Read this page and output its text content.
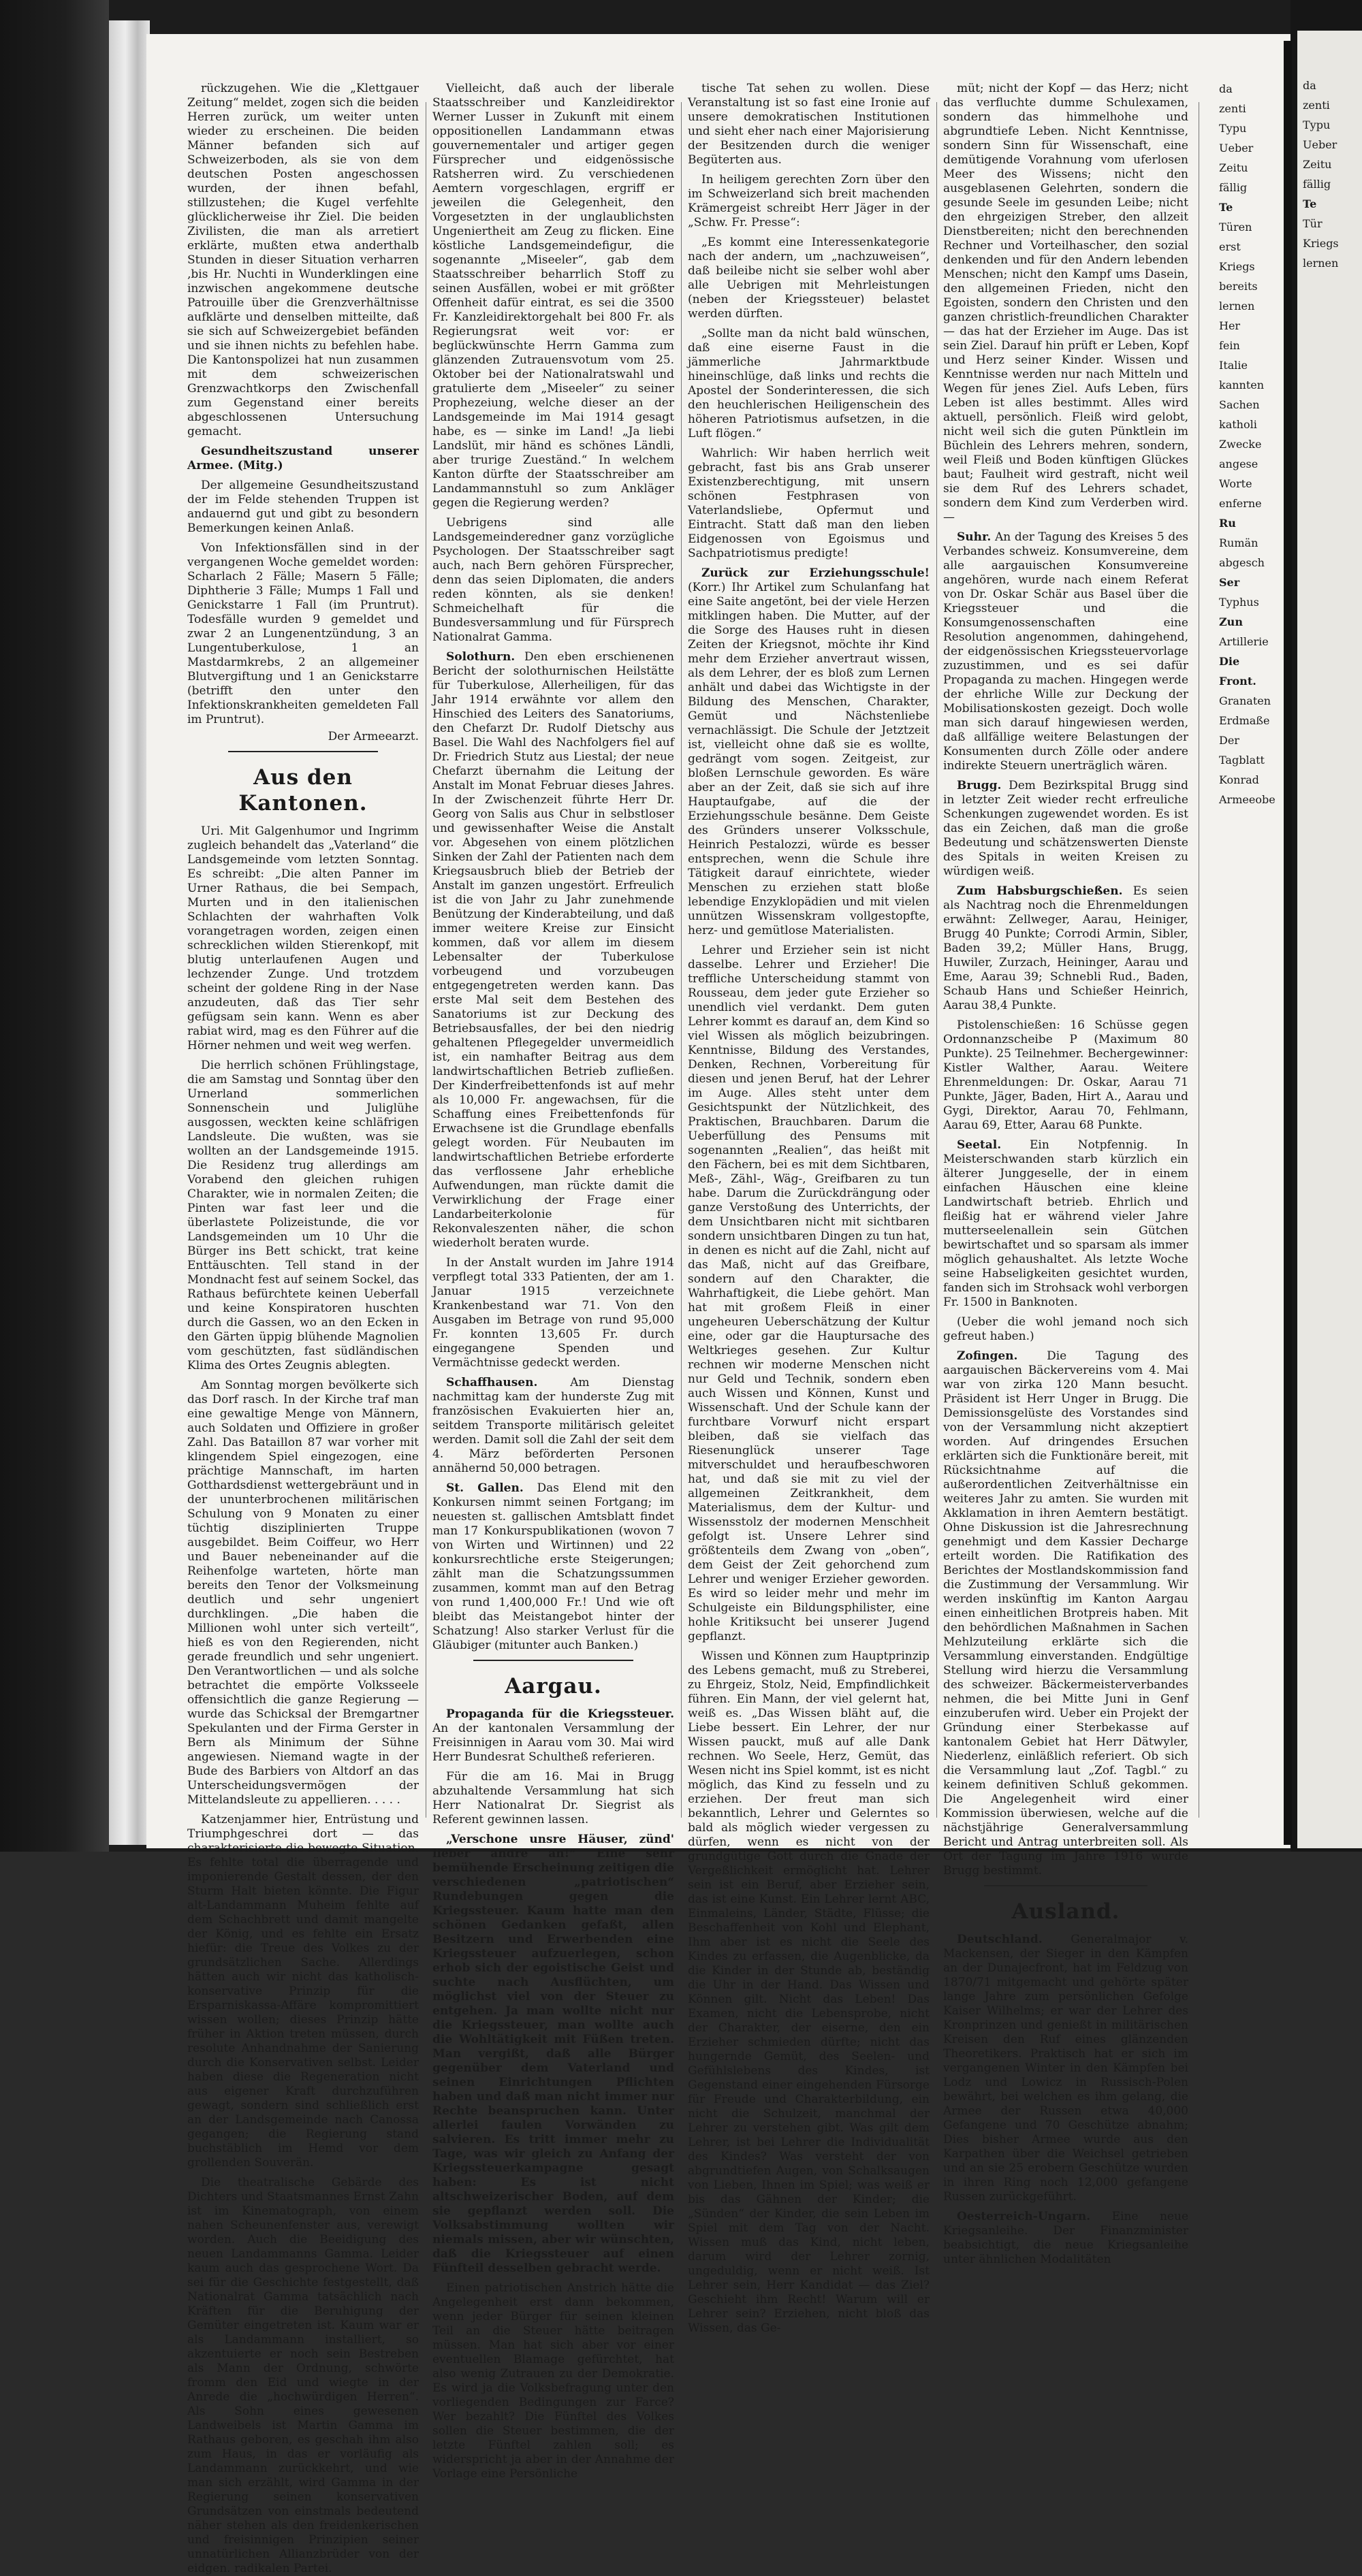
rückzugehen. Wie die „Klettgauer Zeitung“ meldet, zogen sich die beiden Herren zurück, um weiter unten wieder zu erscheinen. Die beiden Männer befanden sich auf Schweizerboden, als sie von dem deutschen Posten angeschossen wurden, der ihnen befahl, stillzustehen; die Kugel verfehlte glücklicherweise ihr Ziel. Die beiden Zivilisten, die man als arretiert erklärte, mußten etwa anderthalb Stunden in dieser Situation verharren ‚bis Hr. Nuchti in Wunderklingen eine inzwischen angekommene deutsche Patrouille über die Grenzverhältnisse aufklärte und denselben mitteilte, daß sie sich auf Schweizergebiet befänden und sie ihnen nichts zu befehlen habe. Die Kantonspolizei hat nun zusammen mit dem schweizerischen Grenzwachtkorps den Zwischenfall zum Gegenstand einer bereits abgeschlossenen Untersuchung gemacht.

Gesundheitszustand unserer Armee. (Mitg.)

Der allgemeine Gesundheitszustand der im Felde stehenden Truppen ist andauernd gut und gibt zu besondern Bemerkungen keinen Anlaß.

Von Infektionsfällen sind in der vergangenen Woche gemeldet worden: Scharlach 2 Fälle; Masern 5 Fälle; Diphtherie 3 Fälle; Mumps 1 Fall und Genickstarre 1 Fall (im Pruntrut). Todesfälle wurden 9 gemeldet und zwar 2 an Lungenentzündung, 3 an Lungentuberkulose, 1 an Mastdarmkrebs, 2 an allgemeiner Blutvergiftung und 1 an Genickstarre (betrifft den unter den Infektionskrankheiten gemeldeten Fall im Pruntrut).

Der Armeearzt.

Aus den Kantonen.

Uri. Mit Galgenhumor und Ingrimm zugleich behandelt das „Vaterland“ die Landsgemeinde vom letzten Sonntag. Es schreibt: „Die alten Panner im Urner Rathaus, die bei Sempach, Murten und in den italienischen Schlachten der wahrhaften Volk vorangetragen worden, zeigen einen schrecklichen wilden Stierenkopf, mit blutig unterlaufenen Augen und lechzender Zunge. Und trotzdem scheint der goldene Ring in der Nase anzudeuten, daß das Tier sehr gefügsam sein kann. Wenn es aber rabiat wird, mag es den Führer auf die Hörner nehmen und weit weg werfen.

Die herrlich schönen Frühlingstage, die am Samstag und Sonntag über den Urnerland sommerlichen Sonnenschein und Juliglühe ausgossen, weckten keine schläfrigen Landsleute. Die wußten, was sie wollten an der Landsgemeinde 1915. Die Residenz trug allerdings am Vorabend den gleichen ruhigen Charakter, wie in normalen Zeiten; die Pinten war fast leer und die überlastete Polizeistunde, die vor Landsgemeinden um 10 Uhr die Bürger ins Bett schickt, trat keine Enttäuschten. Tell stand in der Mondnacht fest auf seinem Sockel, das Rathaus befürchtete keinen Ueberfall und keine Konspiratoren huschten durch die Gassen, wo an den Ecken in den Gärten üppig blühende Magnolien vom geschützten, fast südländischen Klima des Ortes Zeugnis ablegten.

Am Sonntag morgen bevölkerte sich das Dorf rasch. In der Kirche traf man eine gewaltige Menge von Männern, auch Soldaten und Offiziere in großer Zahl. Das Bataillon 87 war vorher mit klingendem Spiel eingezogen, eine prächtige Mannschaft, im harten Gotthardsdienst wettergebräunt und in der ununterbrochenen militärischen Schulung von 9 Monaten zu einer tüchtig disziplinierten Truppe ausgebildet. Beim Coiffeur, wo Herr und Bauer nebeneinander auf die Reihenfolge warteten, hörte man bereits den Tenor der Volksmeinung deutlich und sehr ungeniert durchklingen. „Die haben die Millionen wohl unter sich verteilt“, hieß es von den Regierenden, nicht gerade freundlich und sehr ungeniert. Den Verantwortlichen — und als solche betrachtet die empörte Volksseele offensichtlich die ganze Regierung — wurde das Schicksal der Bremgartner Spekulanten und der Firma Gerster in Bern als Minimum der Sühne angewiesen. Niemand wagte in der Bude des Barbiers von Altdorf an das Unterscheidungsvermögen der Mittelandsleute zu appellieren. . . . .

Katzenjammer hier, Entrüstung und Triumphgeschrei dort — das charakterisierte die bewegte Situation. Es fehlte total die überragende und imponierende Gestalt dessen, der den Sturm Halt bieten könnte. Die Figur alt-Landammann Muheim fehlte auf dem Schachbrett und damit mangelte der König, und es fehlte ein Ersatz hiefür: die Treue des Volkes zu der grundsätzlichen Sache. Allerdings hätten auch wir nicht das katholisch-konservative Prinzip für die Ersparniskassa-Affäre kompromittiert wissen wollen; dieses Prinzip hätte früher in Aktion treten müssen, durch resolute Anhandnahme der Sanierung durch die Konservativen selbst. Leider haben diese die Regeneration nicht aus eigener Kraft durchzuführen gewagt, sondern sind schließlich erst an der Landsgemeinde nach Canossa gegangen; die Regierung stand buchstäblich im Hemd vor dem grollenden Souverän.

Die theatralische Gebärde des Dichters und Staatsmannes Ernst Zahn ist im Kinematograph, von einem nahen Scheunenfenster aus, verewigt worden. Auch die Beeidigung des neuen Landammanns Gamma. Leider kaum auch das gesprochene Wort. Da sei für die Geschichte festgestellt, daß Nationalrat Gamma tatsächlich nach Kräften für die Beruhigung der Gemüter eingetreten ist. Kaum war er als Landammann installiert, so akzentuierte er noch sein Bestreben als Mann der Ordnung, schwörte fromm den Eid und wiegte in der Anrede die „hochwürdigen Herren“. Als Sohn eines gewesenen Landweibels ist Martin Gamma im Rathaus geboren, es geschah ihm also zum Haus, in das er vorläufig als Landammann zurückkehrt, und wie man sich erzählt, wird Gamma in der Regierung seinen konservativen Grundsätzen von einstmals bedeutend näher stehen als den freidenkerischen und freisinnigen Prinzipien seiner unnatürlichen Allianzbrüder von der eidgen. radikalen Partei.

Vielleicht, daß auch der liberale Staatsschreiber und Kanzleidirektor Werner Lusser in Zukunft mit einem oppositionellen Landammann etwas gouvernementaler und artiger gegen Fürsprecher und eidgenössische Ratsherren wird. Zu verschiedenen Aemtern vorgeschlagen, ergriff er jeweilen die Gelegenheit, den Vorgesetzten in der unglaublichsten Ungeniertheit am Zeug zu flicken. Eine köstliche Landsgemeindefigur, die sogenannte „Miseeler“, gab dem Staatsschreiber beharrlich Stoff zu seinen Ausfällen, wobei er mit größter Offenheit dafür eintrat, es sei die 3500 Fr. Kanzleidirektorgehalt bei 800 Fr. als Regierungsrat weit vor: er beglückwünschte Herrn Gamma zum glänzenden Zutrauensvotum vom 25. Oktober bei der Nationalratswahl und gratulierte dem „Miseeler“ zu seiner Prophezeiung, welche dieser an der Landsgemeinde im Mai 1914 gesagt habe, es — sinke im Land! „Ja liebi Landslüt, mir händ es schönes Ländli, aber trurige Zueständ.“ In welchem Kanton dürfte der Staatsschreiber am Landammannstuhl so zum Ankläger gegen die Regierung werden?

Uebrigens sind alle Landsgemeinderedner ganz vorzügliche Psychologen. Der Staatsschreiber sagt auch, nach Bern gehören Fürsprecher, denn das seien Diplomaten, die anders reden könnten, als sie denken! Schmeichelhaft für die Bundesversammlung und für Fürsprech Nationalrat Gamma.

Solothurn. Den eben erschienenen Bericht der solothurnischen Heilstätte für Tuberkulose, Allerheiligen, für das Jahr 1914 erwähnte vor allem den Hinschied des Leiters des Sanatoriums, den Chefarzt Dr. Rudolf Dietschy aus Basel. Die Wahl des Nachfolgers fiel auf Dr. Friedrich Stutz aus Liestal; der neue Chefarzt übernahm die Leitung der Anstalt im Monat Februar dieses Jahres. In der Zwischenzeit führte Herr Dr. Georg von Salis aus Chur in selbstloser und gewissenhafter Weise die Anstalt vor. Abgesehen von einem plötzlichen Sinken der Zahl der Patienten nach dem Kriegsausbruch blieb der Betrieb der Anstalt im ganzen ungestört. Erfreulich ist die von Jahr zu Jahr zunehmende Benützung der Kinderabteilung, und daß immer weitere Kreise zur Einsicht kommen, daß vor allem im diesem Lebensalter der Tuberkulose vorbeugend und vorzubeugen entgegengetreten werden kann. Das erste Mal seit dem Bestehen des Sanatoriums ist zur Deckung des Betriebsausfalles, der bei den niedrig gehaltenen Pflegegelder unvermeidlich ist, ein namhafter Beitrag aus dem landwirtschaftlichen Betrieb zufließen. Der Kinderfreibettenfonds ist auf mehr als 10,000 Fr. angewachsen, für die Schaffung eines Freibettenfonds für Erwachsene ist die Grundlage ebenfalls gelegt worden. Für Neubauten im landwirtschaftlichen Betriebe erforderte das verflossene Jahr erhebliche Aufwendungen, man rückte damit die Verwirklichung der Frage einer Landarbeiterkolonie für Rekonvaleszenten näher, die schon wiederholt beraten wurde.

In der Anstalt wurden im Jahre 1914 verpflegt total 333 Patienten, der am 1. Januar 1915 verzeichnete Krankenbestand war 71. Von den Ausgaben im Betrage von rund 95,000 Fr. konnten 13,605 Fr. durch eingegangene Spenden und Vermächtnisse gedeckt werden.

Schaffhausen.	Am Dienstag nachmittag kam der hunderste Zug mit französischen Evakuierten hier an, seitdem Transporte militärisch geleitet werden. Damit soll die Zahl der seit dem 4. März beförderten Personen annähernd 50,000 betragen.

St. Gallen. Das Elend mit den Konkursen nimmt seinen Fortgang; im neuesten st. gallischen Amtsblatt findet man 17 Konkurspublikationen (wovon 7 von Wirten und Wirtinnen) und 22 konkursrechtliche erste Steigerungen; zählt man die Schatzungssummen zusammen, kommt man auf den Betrag von rund 1,400,000 Fr.! Und wie oft bleibt das Meistangebot hinter der Schatzung! Also starker Verlust für die Gläubiger (mitunter auch Banken.)

Aargau.

Propaganda für die Kriegssteuer. An der kantonalen Versammlung der Freisinnigen in Aarau vom 30. Mai wird Herr Bundesrat Schultheß referieren.

Für die am 16. Mai in Brugg abzuhaltende Versammlung hat sich Herr Nationalrat Dr. Siegrist als Referent gewinnen lassen.

„Verschone unsre Häuser, zünd' lieber andre an!“ Eine sehr bemühende Erscheinung zeitigen die verschiedenen „patriotischen“ Rundebungen gegen die Kriegssteuer. Kaum hatte man den schönen Gedanken gefaßt, allen Besitzern und Erwerbenden eine Kriegssteuer aufzuerlegen, schon erhob sich der egoistische Geist und suchte nach Ausflüchten, um möglichst viel von der Steuer zu entgehen. Ja man wollte nicht nur die Kriegssteuer, man wollte auch die Wohltätigkeit mit Füßen treten. Man vergißt, daß alle Bürger gegenüber dem Vaterland und seinen Einrichtungen Pflichten haben und daß man nicht immer nur Rechte beanspruchen kann. Unter allerlei faulen Vorwänden zu salvieren. Es tritt immer mehr zu Tage, was wir gleich zu Anfang der Kriegssteuerkampagne gesagt haben: Es ist nicht altschweizerischer Boden, auf dem sie gepflanzt werden soll. Die Volksabstimmung wollten wir niemals missen, aber wir wünschten, daß die Kriegssteuer auf einen Fünfteil desselben gebracht werde.

Einen patriotischen Anstrich hätte die Angelegenheit erst dann bekommen, wenn jeder Bürger für seinen kleinen Teil an die Steuer hätte beitragen müssen. Man hat sich aber vor einer eventuellen Blamage gefürchtet, hat also wenig Zutrauen zu der Demokratie. Es wird ja die Volksbefragung unter den vorliegenden Bedingungen zur Farce? Wer bezahlt? Die Fünftel des Volkes sollen die Steuer bestimmen, die der letzte Fünftel zahlen soll; es widerspricht ja aber in der Annahme der Vorlage eine Persönliche

tische Tat sehen zu wollen. Diese Veranstaltung ist so fast eine Ironie auf unsere demokratischen Institutionen und sieht eher nach einer Majorisierung der Besitzenden durch die weniger Begüterten aus.

In heiligem gerechten Zorn über den im Schweizerland sich breit machenden Krämergeist schreibt Herr Jäger in der „Schw. Fr. Presse“:

„Es kommt eine Interessenkategorie nach der andern, um „nachzuweisen“, daß beileibe nicht sie selber wohl aber alle Uebrigen mit Mehrleistungen (neben der Kriegssteuer) belastet werden dürften.

„Sollte man da nicht bald wünschen, daß eine eiserne Faust in die jämmerliche Jahrmarktbude hineinschlüge, daß links und rechts die Apostel der Sonderinteressen, die sich den heuchlerischen Heiligenschein des höheren Patriotismus aufsetzen, in die Luft flögen.“

Wahrlich: Wir haben herrlich weit gebracht, fast bis ans Grab unserer Existenzberechtigung, mit unsern schönen Festphrasen von Vaterlandsliebe, Opfermut und Eintracht. Statt daß man den lieben Eidgenossen von Egoismus und Sachpatriotismus predigte!

Zurück zur Erziehungsschule! (Korr.) Ihr Artikel zum Schulanfang hat eine Saite angetönt, bei der viele Herzen mitklingen haben. Die Mutter, auf der die Sorge des Hauses ruht in diesen Zeiten der Kriegsnot, möchte ihr Kind mehr dem Erzieher anvertraut wissen, als dem Lehrer, der es bloß zum Lernen anhält und dabei das Wichtigste in der Bildung des Menschen, Charakter, Gemüt und Nächstenliebe vernachlässigt. Die Schule der Jetztzeit ist, vielleicht ohne daß sie es wollte, gedrängt vom sogen. Zeitgeist, zur bloßen Lernschule geworden. Es wäre aber an der Zeit, daß sie sich auf ihre Hauptaufgabe, auf die der Erziehungsschule besänne. Dem Geiste des Gründers unserer Volksschule, Heinrich Pestalozzi, würde es besser entsprechen, wenn die Schule ihre Tätigkeit darauf einrichtete, wieder Menschen zu erziehen statt bloße lebendige Enzyklopädien und mit vielen unnützen Wissenskram vollgestopfte, herz- und gemütlose Materialisten.

Lehrer und Erzieher sein ist nicht dasselbe. Lehrer und Erzieher! Die treffliche Unterscheidung stammt von Rousseau, dem jeder gute Erzieher so unendlich viel verdankt. Dem guten Lehrer kommt es darauf an, dem Kind so viel Wissen als möglich beizubringen. Kenntnisse, Bildung des Verstandes, Denken, Rechnen, Vorbereitung für diesen und jenen Beruf, hat der Lehrer im Auge. Alles steht unter dem Gesichtspunkt der Nützlichkeit, des Praktischen, Brauchbaren. Darum die Ueberfüllung des Pensums mit sogenannten „Realien“, das heißt mit den Fächern, bei es mit dem Sichtbaren, Meß-, Zähl-, Wäg-, Greifbaren zu tun habe. Darum die Zurückdrängung oder ganze Verstoßung des Unterrichts, der dem Unsichtbaren nicht mit sichtbaren sondern unsichtbaren Dingen zu tun hat, in denen es nicht auf die Zahl, nicht auf das Maß, nicht auf das Greifbare, sondern auf den Charakter, die Wahrhaftigkeit, die Liebe gehört. Man hat mit großem Fleiß in einer ungeheuren Ueberschätzung der Kultur eine, oder gar die Hauptursache des Weltkrieges gesehen. Zur Kultur rechnen wir moderne Menschen nicht nur Geld und Technik, sondern eben auch Wissen und Können, Kunst und Wissenschaft. Und der Schule kann der furchtbare Vorwurf nicht erspart bleiben, daß sie vielfach das Riesenunglück unserer Tage mitverschuldet und heraufbeschworen hat, und daß sie mit zu viel der allgemeinen Zeitkrankheit, dem Materialismus, dem der Kultur- und Wissensstolz der modernen Menschheit gefolgt ist. Unsere Lehrer sind größtenteils dem Zwang von „oben“, dem Geist der Zeit gehorchend zum Lehrer und weniger Erzieher geworden. Es wird so leider mehr und mehr im Schulgeiste ein Bildungsphilister, eine hohle Kritiksucht bei unserer Jugend gepflanzt.

Wissen und Können zum Hauptprinzip des Lebens gemacht, muß zu Streberei, zu Ehrgeiz, Stolz, Neid, Empfindlichkeit führen. Ein Mann, der viel gelernt hat, weiß es. „Das Wissen bläht auf, die Liebe bessert. Ein Lehrer, der nur Wissen pauckt, muß auf alle Dank rechnen. Wo Seele, Herz, Gemüt, das Wesen nicht ins Spiel kommt, ist es nicht möglich, das Kind zu fesseln und zu erziehen. Der freut man sich bekanntlich, Lehrer und Gelerntes so bald als möglich wieder vergessen zu dürfen, wenn es nicht von der grundgütige Gott durch die Gnade der Vergeßlichkeit ermöglicht hat. Lehrer sein ist ein Beruf, aber Erzieher sein, das ist eine Kunst. Ein Lehrer lernt ABC, Einmaleins, Länder, Städte, Flüsse; die Beschaffenheit von Kohl und Elephant, Ihm aber ist es nicht die Seele des Kindes zu erfassen, die Augenblicke, da die Kinder in der Stunde ab, beständig die Uhr in der Hand. Das Wissen und Können gilt. Nicht das Leben! Das Examen, nicht die Lebensprobe, nicht der Charakter, der eiserne, den ein Erzieher schmieden dürfte; nicht das hungernde Gemüt, des Seelen- und Gefühlslebens des Kindes, ist Gegenstand einer eingehenden Fürsorge für Freude und Charakterbildung, ein nicht die Schulzeit, manchmal der Lehrer zu verstehen gibt. Was gilt dem Lehrer, ist bei Lehrer die Individualität des Kindes? Was versteht der von abgrundtiefen Augen, von Schalksaugen von Lieben, Ihnen im Spiel; was weiß er bis das Gähnen der Kinder; die „Sünden“ der Kinder, die sein Leben im Spiel mit dem Tag von der Nacht. Wissen muß das Kind, nicht leben, darum wird der Lehrer zornig, ungeduldig, wenn er nicht weiß. Ist Lehrer sein, Herr Kandidat — das Ziel? Geschieht ihm Recht! Warum will er Lehrer sein? Erziehen, nicht bloß das Wissen, das Ge-

müt; nicht der Kopf — das Herz; nicht das verfluchte dumme Schulexamen, sondern das himmelhohe und abgrundtiefe Leben. Nicht Kenntnisse, sondern Sinn für Wissenschaft, eine demütigende Vorahnung vom uferlosen Meer des Wissens; nicht den ausgeblasenen Gelehrten, sondern die gesunde Seele im gesunden Leibe; nicht den ehrgeizigen Streber, den allzeit Dienstbereiten; nicht den berechnenden Rechner und Vorteilhascher, den sozial denkenden und für den Andern lebenden Menschen; nicht den Kampf ums Dasein, den allgemeinen Frieden, nicht den Egoisten, sondern den Christen und den ganzen christlich-freundlichen Charakter — das hat der Erzieher im Auge. Das ist sein Ziel. Darauf hin prüft er Leben, Kopf und Herz seiner Kinder. Wissen und Kenntnisse werden nur nach Mitteln und Wegen für jenes Ziel. Aufs Leben, fürs Leben ist alles bestimmt. Alles wird aktuell, persönlich. Fleiß wird gelobt, nicht weil sich die guten Pünktlein im Büchlein des Lehrers mehren, sondern, weil Fleiß und Boden künftigen Glückes baut; Faulheit wird gestraft, nicht weil sie dem Ruf des Lehrers schadet, sondern dem Kind zum Verderben wird. —

Suhr. An der Tagung des Kreises 5 des Verbandes schweiz. Konsumvereine, dem alle aargauischen Konsumvereine angehören, wurde nach einem Referat von Dr. Oskar Schär aus Basel über die Kriegssteuer und die Konsumgenossenschaften eine Resolution angenommen, dahingehend, der eidgenössischen Kriegssteuervorlage zuzustimmen, und es sei dafür Propaganda zu machen. Hingegen werde der ehrliche Wille zur Deckung der Mobilisationskosten gezeigt. Doch wolle man sich darauf hingewiesen werden, daß allfällige weitere Belastungen der Konsumenten durch Zölle oder andere indirekte Steuern unerträglich wären.

Brugg. Dem Bezirkspital Brugg sind in letzter Zeit wieder recht erfreuliche Schenkungen zugewendet worden. Es ist das ein Zeichen, daß man die große Bedeutung und schätzenswerten Dienste des Spitals in weiten Kreisen zu würdigen weiß.

Zum Habsburgschießen. Es seien als Nachtrag noch die Ehrenmeldungen erwähnt: Zellweger, Aarau, Heiniger, Brugg 40 Punkte; Corrodi Armin, Sibler, Baden 39,2; Müller Hans, Brugg, Huwiler, Zurzach, Heininger, Aarau und Eme, Aarau 39; Schnebli Rud., Baden, Schaub Hans und Schießer Heinrich, Aarau 38,4 Punkte.

Pistolenschießen: 16 Schüsse gegen Ordonnanzscheibe P (Maximum 80 Punkte). 25 Teilnehmer. Bechergewinner: Kistler Walther, Aarau. Weitere Ehrenmeldungen: Dr. Oskar, Aarau 71 Punkte, Jäger, Baden, Hirt A., Aarau und Gygi, Direktor, Aarau 70, Fehlmann, Aarau 69, Etter, Aarau 68 Punkte.

Seetal. Ein Notpfennig. In Meisterschwanden starb kürzlich ein älterer Junggeselle, der in einem einfachen Häuschen eine kleine Landwirtschaft betrieb. Ehrlich und fleißig hat er während vieler Jahre mutterseelenallein sein Gütchen bewirtschaftet und so sparsam als immer möglich gehaushaltet. Als letzte Woche seine Habseligkeiten gesichtet wurden, fanden sich im Strohsack wohl verborgen Fr. 1500 in Banknoten.

(Ueber die wohl jemand noch sich gefreut haben.)

Zofingen.	Die Tagung des aargauischen Bäckervereins vom 4. Mai war von zirka 120 Mann besucht. Präsident ist Herr Unger in Brugg. Die Demissionsgelüste des Vorstandes sind von der Versammlung nicht akzeptiert worden. Auf dringendes Ersuchen erklärten sich die Funktionäre bereit, mit Rücksichtnahme auf die außerordentlichen Zeitverhältnisse ein weiteres Jahr zu amten. Sie wurden mit Akklamation in ihren Aemtern bestätigt. Ohne Diskussion ist die Jahresrechnung genehmigt und dem Kassier Decharge erteilt worden. Die Ratifikation des Berichtes der Mostlandskommission fand die Zustimmung der Versammlung. Wir werden inskünftig im Kanton Aargau einen einheitlichen Brotpreis haben. Mit den behördlichen Maßnahmen in Sachen Mehlzuteilung erklärte sich die Versammlung einverstanden. Endgültige Stellung wird hierzu die Versammlung des schweizer. Bäckermeisterverbandes nehmen, die bei Mitte Juni in Genf einzuberufen wird. Ueber ein Projekt der Gründung einer Sterbekasse auf kantonalem Gebiet hat Herr Dätwyler, Niederlenz, einläßlich referiert. Ob sich die Versammlung laut „Zof. Tagbl.“ zu keinem definitiven Schluß gekommen. Die Angelegenheit wird einer Kommission überwiesen, welche auf die nächstjährige Generalversammlung Bericht und Antrag unterbreiten soll. Als Ort der Tagung im Jahre 1916 wurde Brugg bestimmt.

Ausland.

Deutschland. Generalmajor v. Mackensen, der Sieger in den Kämpfen an der Dunajecfront, hat im Feldzug von 1870/71 mitgemacht und gehörte später lange Jahre zum persönlichen Gefolge Kaiser Wilhelms; er war der Lehrer des Kronprinzen und genießt in militärischen Kreisen den Ruf eines glänzenden Theoretikers. Praktisch hat er sich im vergangenen Winter in den Kämpfen bei Lodz und Lowicz in Russisch-Polen bewährt, bei welchen es ihm gelang, die Armee der Russen etwa 40,000 Gefangene und 70 Geschütze abnahm; Dies bisher Armee wurde aus den Karpathen über die Weichsel getrieben und an sie 25 erobern Geschütze wurden in ihren Ring noch 12,000 gefangene Russen zurückgeführt.

Oesterreich-Ungarn. Eine neue Kriegsanleihe. Der Finanzminister beabsichtigt, die neue Kriegsanleihe unter ähnlichen Modalitäten

da

zenti

Typu

Ueber

Zeitu

fällig

Te

Türen

erst

Kriegs

bereits

lernen

Her

fein

Italie

kannten

Sachen

katholi

Zwecke

angese

Worte

enferne

Ru

Rumän

abgesch

Ser

Typhus

Zun

Artillerie

Die

Front.

Granaten

Erdmaße

Der

Tagblatt

Konrad

Armeeobe

da

zenti

Typu

Ueber

Zeitu

fällig

Te

Tür

Kriegs

lernen
